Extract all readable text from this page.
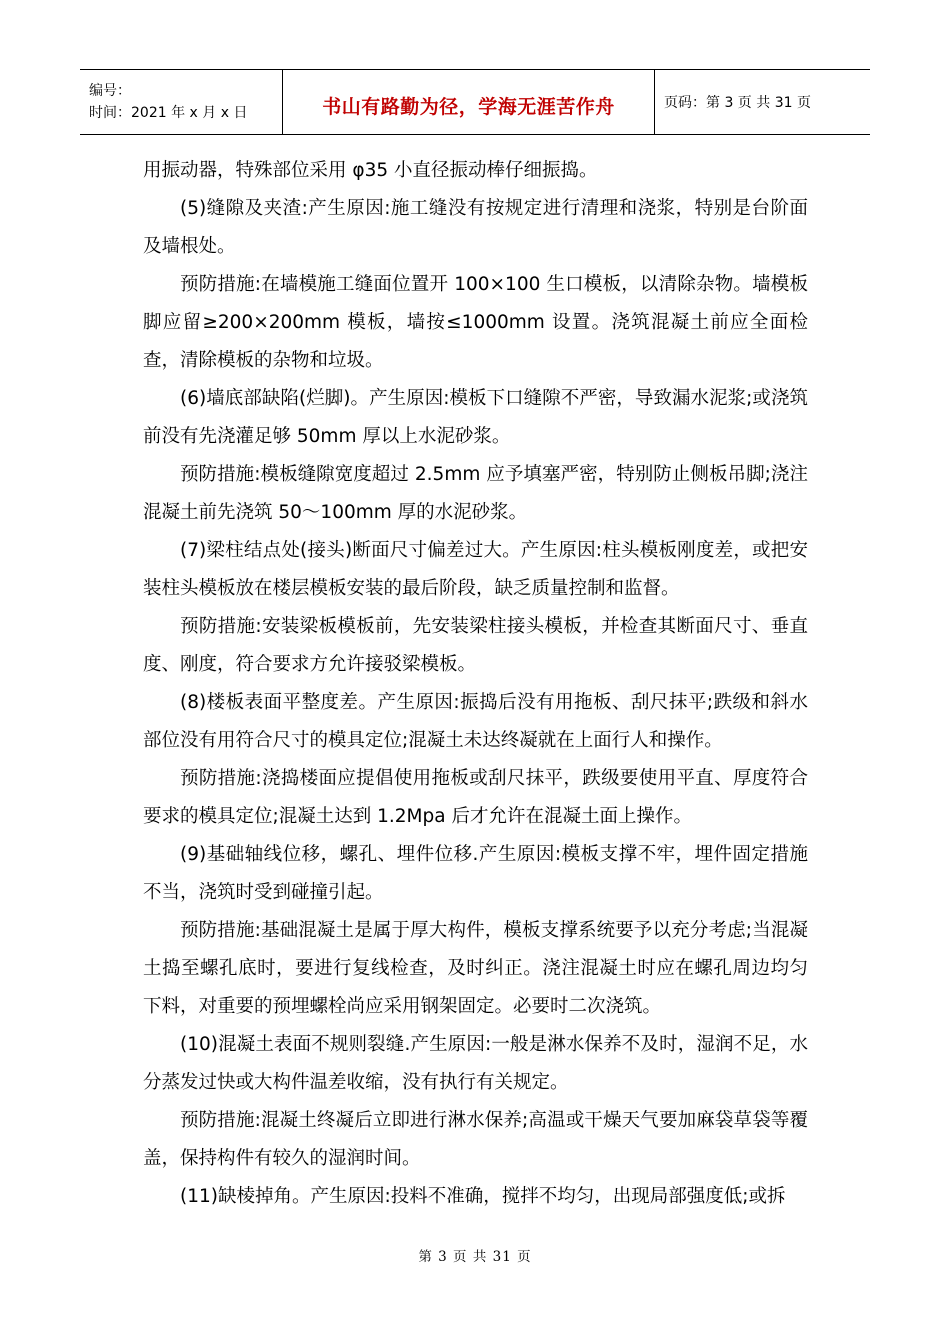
编号：
时间：2021 年 x 月 x 日	书山有路勤为径，学海无涯苦作舟	页码：第 3 页 共 31 页

用振动器，特殊部位采用 φ35 小直径振动棒仔细振捣。

(5)缝隙及夹渣:产生原因:施工缝没有按规定进行清理和浇浆，特别是台阶面及墙根处。

预防措施:在墙模施工缝面位置开 100×100 生口模板，以清除杂物。墙模板脚应留≥200×200mm 模板，墙按≤1000mm 设置。浇筑混凝土前应全面检查，清除模板的杂物和垃圾。

(6)墙底部缺陷(烂脚)。产生原因:模板下口缝隙不严密，导致漏水泥浆;或浇筑前没有先浇灌足够 50mm 厚以上水泥砂浆。

预防措施:模板缝隙宽度超过 2.5mm 应予填塞严密，特别防止侧板吊脚;浇注混凝土前先浇筑 50～100mm 厚的水泥砂浆。

(7)梁柱结点处(接头)断面尺寸偏差过大。产生原因:柱头模板刚度差，或把安装柱头模板放在楼层模板安装的最后阶段，缺乏质量控制和监督。

预防措施:安装梁板模板前，先安装梁柱接头模板，并检查其断面尺寸、垂直度、刚度，符合要求方允许接驳梁模板。

(8)楼板表面平整度差。产生原因:振捣后没有用拖板、刮尺抹平;跌级和斜水部位没有用符合尺寸的模具定位;混凝土未达终凝就在上面行人和操作。

预防措施:浇捣楼面应提倡使用拖板或刮尺抹平，跌级要使用平直、厚度符合要求的模具定位;混凝土达到 1.2Mpa 后才允许在混凝土面上操作。

(9)基础轴线位移，螺孔、埋件位移.产生原因:模板支撑不牢，埋件固定措施不当，浇筑时受到碰撞引起。

预防措施:基础混凝土是属于厚大构件，模板支撑系统要予以充分考虑;当混凝土捣至螺孔底时，要进行复线检查，及时纠正。浇注混凝土时应在螺孔周边均匀下料，对重要的预埋螺栓尚应采用钢架固定。必要时二次浇筑。

(10)混凝土表面不规则裂缝.产生原因:一般是淋水保养不及时，湿润不足，水分蒸发过快或大构件温差收缩，没有执行有关规定。

预防措施:混凝土终凝后立即进行淋水保养;高温或干燥天气要加麻袋草袋等覆盖，保持构件有较久的湿润时间。

(11)缺棱掉角。产生原因:投料不准确，搅拌不均匀，出现局部强度低;或拆

第 3 页 共 31 页
